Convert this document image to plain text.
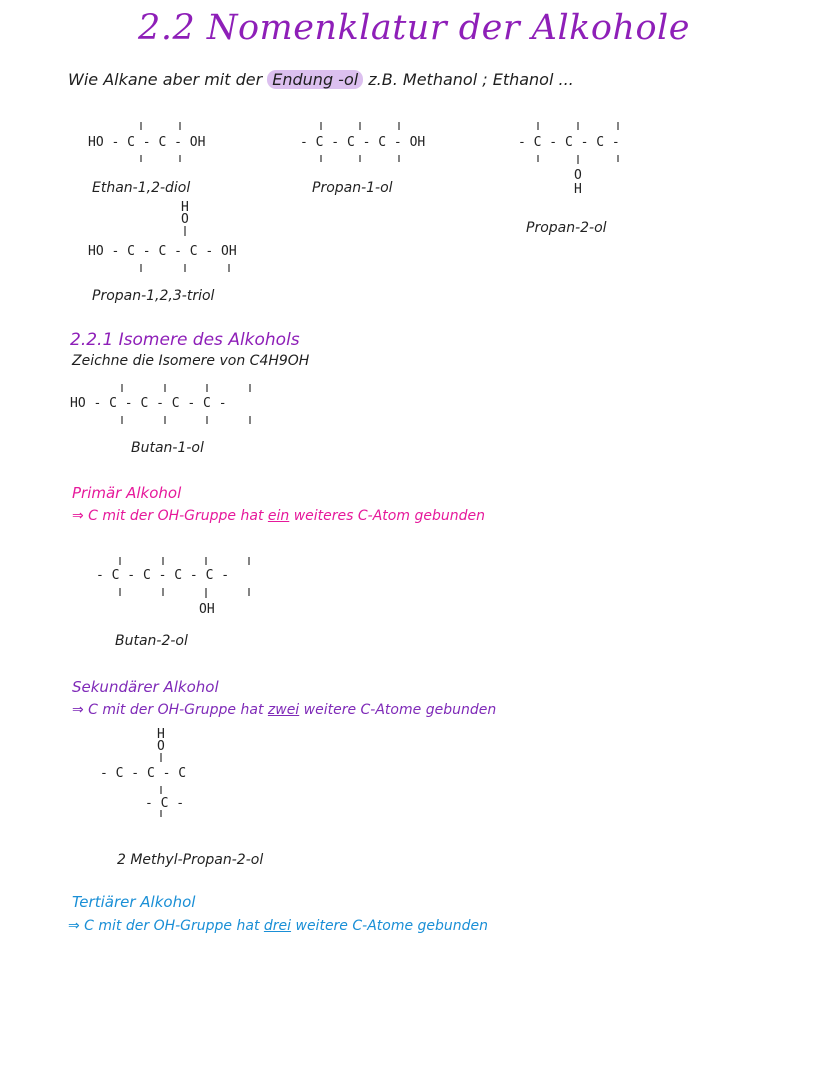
2.2 Nomenklatur der Alkohole
Wie Alkane aber mit der Endung -ol z.B. Methanol ; Ethanol ...
HO - C - C - OH
Ethan-1,2-diol
- C - C - C - OH
Propan-1-ol
- C - C - C -
O
H
Propan-2-ol
H
O
HO - C - C - C - OH
Propan-1,2,3-triol
2.2.1 Isomere des Alkohols
Zeichne die Isomere von C4H9OH
HO - C - C - C - C -
Butan-1-ol
Primär Alkohol
⇒ C mit der OH-Gruppe hat ein weiteres C-Atom gebunden
- C - C - C - C -
OH
Butan-2-ol
Sekundärer Alkohol
⇒ C mit der OH-Gruppe hat zwei weitere C-Atome gebunden
H
O
- C - C - C
- C -
2 Methyl-Propan-2-ol
Tertiärer Alkohol
⇒ C mit der OH-Gruppe hat drei weitere C-Atome gebunden
